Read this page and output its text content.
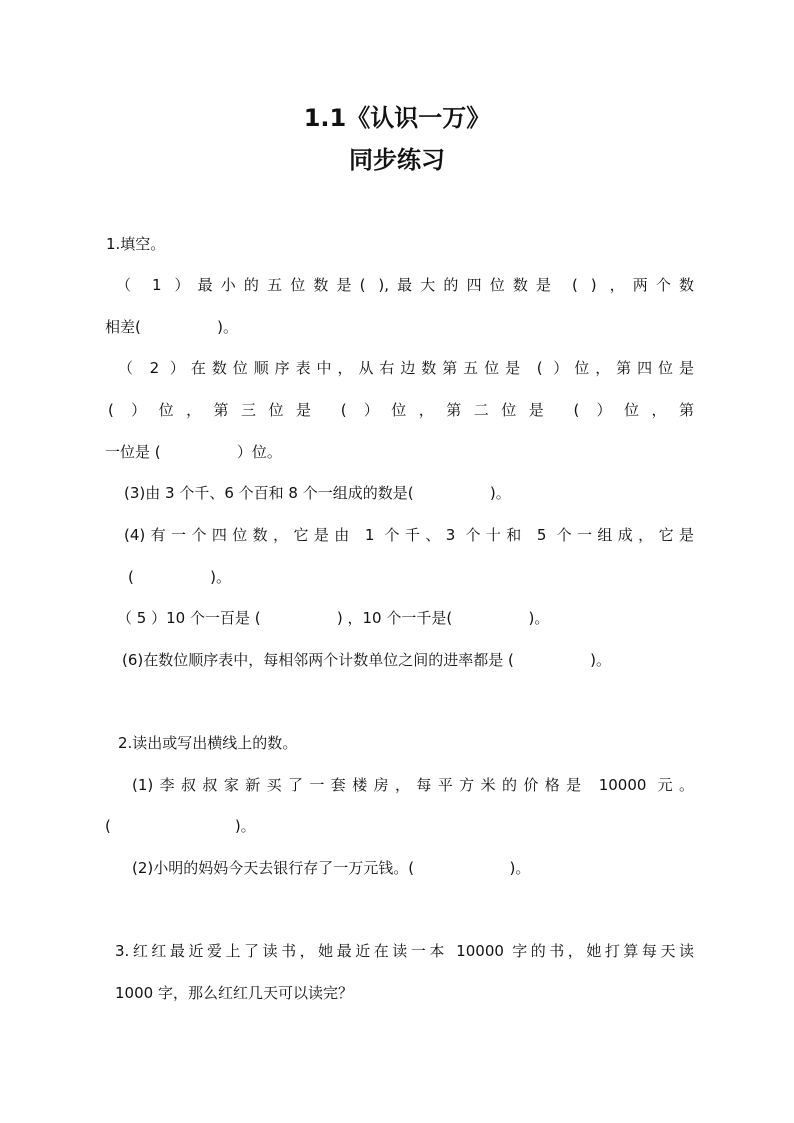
1.1《认识一万》
同步练习
1.填空。
（ 1 ）最小的五位数是( ),最大的四位数是 ( ) ，两个数
相差(                )。
（ 2 ）在数位顺序表中，从右边数第五位是 ( ）位，第四位是
( ）位，第三位是 ( ）位，第二位是 ( ）位，第
一位是 (                ）位。
(3)由 3 个千、6 个百和 8 个一组成的数是(                )。
(4)有一个四位数，它是由 1 个千、3 个十和 5 个一组成，它是
(                )。
（ 5 ）10 个一百是 (                ) ，10 个一千是(                )。
(6)在数位顺序表中，每相邻两个计数单位之间的进率都是 (                )。
2.读出或写出横线上的数。
(1)李叔叔家新买了一套楼房，每平方米的价格是 10000 元。
(                          )。
(2)小明的妈妈今天去银行存了一万元钱。(                    )。
3.红红最近爱上了读书，她最近在读一本 10000 字的书，她打算每天读
1000 字，那么红红几天可以读完？
